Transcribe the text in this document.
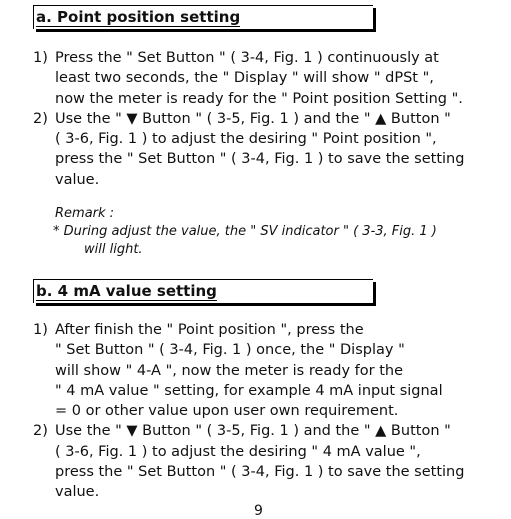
a. Point position setting
1) Press the " Set Button " ( 3-4, Fig. 1 ) continuously at
least two seconds, the " Display " will show " dPSt ",
now the meter is ready for the " Point position Setting ".
2) Use the " ▼ Button " ( 3-5, Fig. 1 ) and the " ▲ Button "
( 3-6, Fig. 1 ) to adjust the desiring " Point position ",
press the " Set Button " ( 3-4, Fig. 1 ) to save the setting
value.
Remark :
* During adjust the value, the " SV indicator " ( 3-3, Fig. 1 )
will light.
b. 4 mA value setting
1) After finish the " Point position ", press the
" Set Button " ( 3-4, Fig. 1 ) once, the " Display "
will show " 4-A ", now the meter is ready for the
" 4 mA value " setting, for example 4 mA input signal
= 0 or other value upon user own requirement.
2) Use the " ▼ Button " ( 3-5, Fig. 1 ) and the " ▲ Button "
( 3-6, Fig. 1 ) to adjust the desiring " 4 mA value ",
press the " Set Button " ( 3-4, Fig. 1 ) to save the setting
value.
9
